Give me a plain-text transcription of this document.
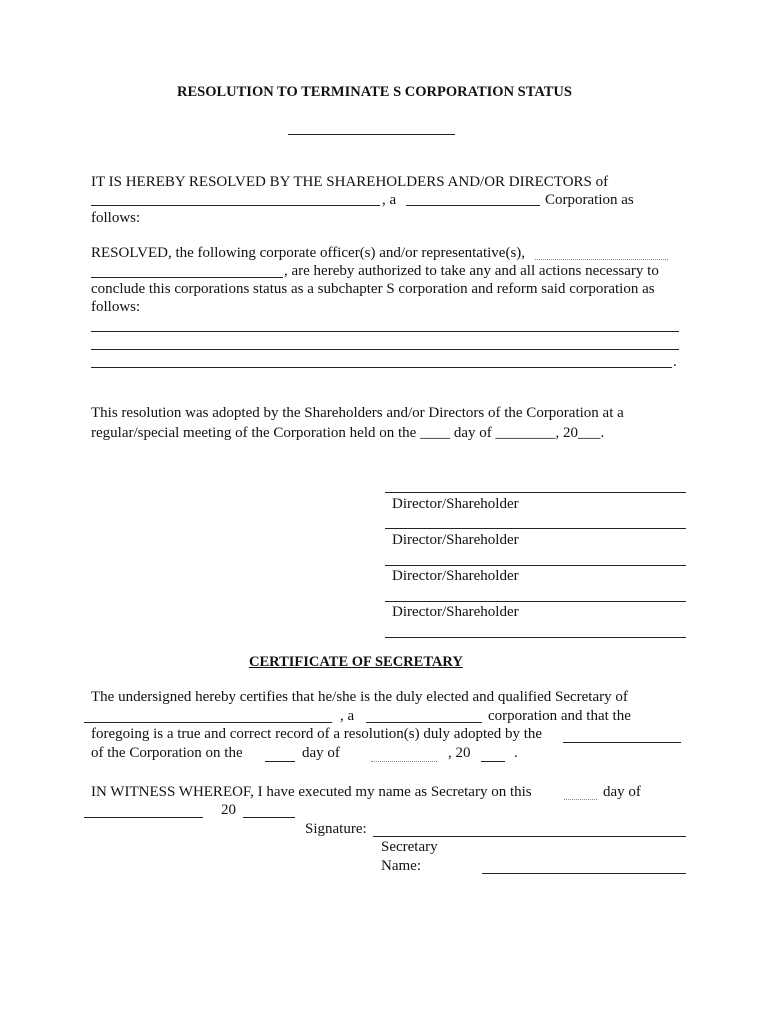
RESOLUTION TO TERMINATE S CORPORATION STATUS
IT IS HEREBY RESOLVED BY THE SHAREHOLDERS AND/OR DIRECTORS of
, a	Corporation as
follows:
RESOLVED, the following corporate officer(s) and/or representative(s),
, are hereby authorized to take any and all actions necessary to
conclude this corporations status as a subchapter S corporation and reform said corporation as
follows:
.
This resolution was adopted by the Shareholders and/or Directors of the Corporation at a
regular/special meeting of the Corporation held on the ____ day of ________, 20___.
Director/Shareholder
Director/Shareholder
Director/Shareholder
Director/Shareholder
CERTIFICATE OF SECRETARY
The undersigned hereby certifies that he/she is the duly elected and qualified Secretary of
, a	corporation and that the
foregoing is a true and correct record of a resolution(s) duly adopted by the
of the Corporation on the	day of	, 20	.
IN WITNESS WHEREOF, I have executed my name as Secretary on this	day of
20
Signature:
Secretary
Name:
